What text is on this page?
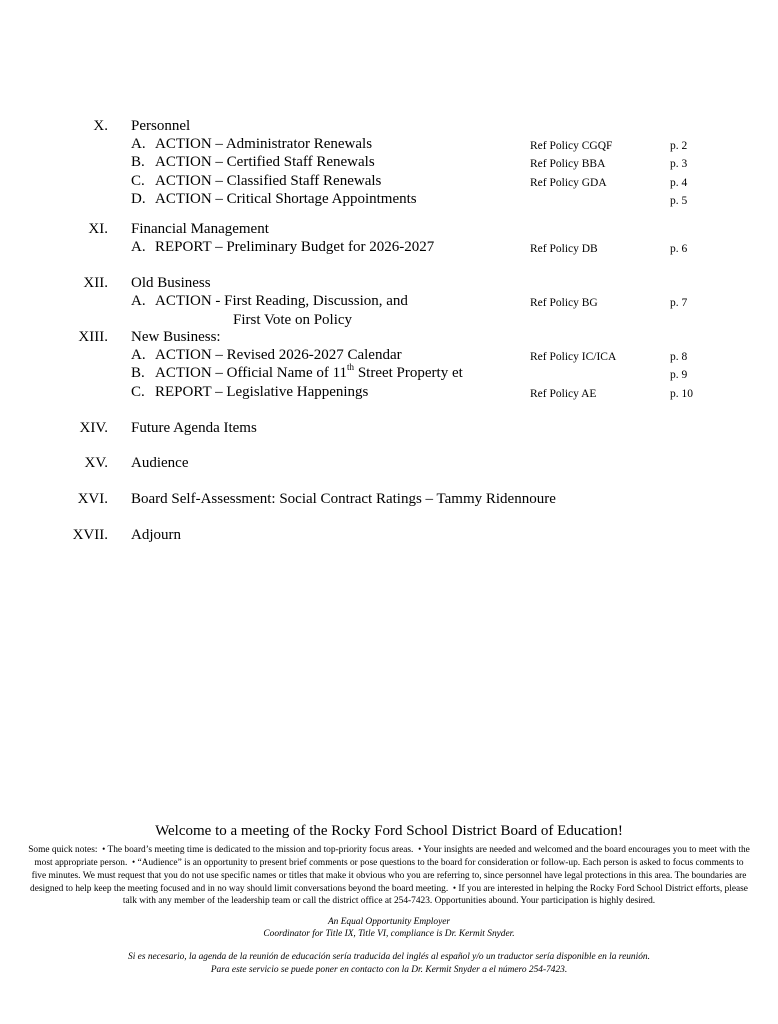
X. Personnel
A. ACTION – Administrator Renewals	Ref Policy CGQF	p. 2
B. ACTION – Certified Staff Renewals	Ref Policy BBA	p. 3
C. ACTION – Classified Staff Renewals	Ref Policy GDA	p. 4
D. ACTION – Critical Shortage Appointments	p. 5
XI. Financial Management
A. REPORT – Preliminary Budget for 2026-2027	Ref Policy DB	p. 6
XII. Old Business
A. ACTION - First Reading, Discussion, and	Ref Policy BG	p. 7
First Vote on Policy
XIII. New Business:
A. ACTION – Revised 2026-2027 Calendar	Ref Policy IC/ICA	p. 8
B. ACTION – Official Name of 11th Street Property et	p. 9
C. REPORT – Legislative Happenings	Ref Policy AE	p. 10
XIV. Future Agenda Items
XV. Audience
XVI. Board Self-Assessment: Social Contract Ratings – Tammy Ridennoure
XVII. Adjourn
Welcome to a meeting of the Rocky Ford School District Board of Education!
Some quick notes: • The board’s meeting time is dedicated to the mission and top-priority focus areas. • Your insights are needed and welcomed and the board encourages you to meet with the most appropriate person. • “Audience” is an opportunity to present brief comments or pose questions to the board for consideration or follow-up. Each person is asked to focus comments to five minutes. We must request that you do not use specific names or titles that make it obvious who you are referring to, since personnel have legal protections in this area. The boundaries are designed to help keep the meeting focused and in no way should limit conversations beyond the board meeting. • If you are interested in helping the Rocky Ford School District efforts, please talk with any member of the leadership team or call the district office at 254-7423. Opportunities abound. Your participation is highly desired.
An Equal Opportunity Employer
Coordinator for Title IX, Title VI, compliance is Dr. Kermit Snyder.
Si es necesario, la agenda de la reunión de educación sería traducida del inglés al español y/o un traductor sería disponible en la reunión.
Para este servicio se puede poner en contacto con la Dr. Kermit Snyder a el número 254-7423.
